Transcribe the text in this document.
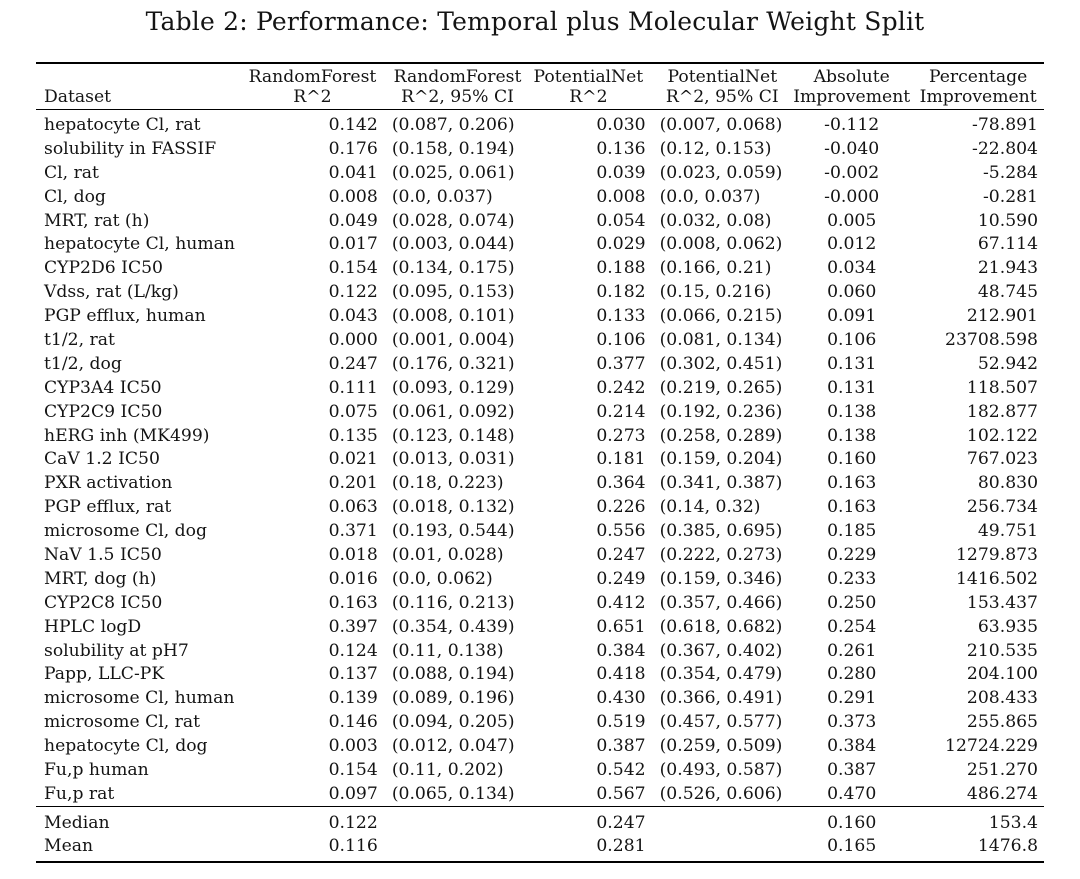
Table 2: Performance: Temporal plus Molecular Weight Split

	RandomForest	RandomForest	PotentialNet	PotentialNet	Absolute	Percentage
Dataset	R^2	R^2, 95% CI	R^2	R^2, 95% CI	Improvement	Improvement
hepatocyte Cl, rat	0.142	(0.087, 0.206)	0.030	(0.007, 0.068)	-0.112	-78.891
solubility in FASSIF	0.176	(0.158, 0.194)	0.136	(0.12, 0.153)	-0.040	-22.804
Cl, rat	0.041	(0.025, 0.061)	0.039	(0.023, 0.059)	-0.002	-5.284
Cl, dog	0.008	(0.0, 0.037)	0.008	(0.0, 0.037)	-0.000	-0.281
MRT, rat (h)	0.049	(0.028, 0.074)	0.054	(0.032, 0.08)	0.005	10.590
hepatocyte Cl, human	0.017	(0.003, 0.044)	0.029	(0.008, 0.062)	0.012	67.114
CYP2D6 IC50	0.154	(0.134, 0.175)	0.188	(0.166, 0.21)	0.034	21.943
Vdss, rat (L/kg)	0.122	(0.095, 0.153)	0.182	(0.15, 0.216)	0.060	48.745
PGP efflux, human	0.043	(0.008, 0.101)	0.133	(0.066, 0.215)	0.091	212.901
t1/2, rat	0.000	(0.001, 0.004)	0.106	(0.081, 0.134)	0.106	23708.598
t1/2, dog	0.247	(0.176, 0.321)	0.377	(0.302, 0.451)	0.131	52.942
CYP3A4 IC50	0.111	(0.093, 0.129)	0.242	(0.219, 0.265)	0.131	118.507
CYP2C9 IC50	0.075	(0.061, 0.092)	0.214	(0.192, 0.236)	0.138	182.877
hERG inh (MK499)	0.135	(0.123, 0.148)	0.273	(0.258, 0.289)	0.138	102.122
CaV 1.2 IC50	0.021	(0.013, 0.031)	0.181	(0.159, 0.204)	0.160	767.023
PXR activation	0.201	(0.18, 0.223)	0.364	(0.341, 0.387)	0.163	80.830
PGP efflux, rat	0.063	(0.018, 0.132)	0.226	(0.14, 0.32)	0.163	256.734
microsome Cl, dog	0.371	(0.193, 0.544)	0.556	(0.385, 0.695)	0.185	49.751
NaV 1.5 IC50	0.018	(0.01, 0.028)	0.247	(0.222, 0.273)	0.229	1279.873
MRT, dog (h)	0.016	(0.0, 0.062)	0.249	(0.159, 0.346)	0.233	1416.502
CYP2C8 IC50	0.163	(0.116, 0.213)	0.412	(0.357, 0.466)	0.250	153.437
HPLC logD	0.397	(0.354, 0.439)	0.651	(0.618, 0.682)	0.254	63.935
solubility at pH7	0.124	(0.11, 0.138)	0.384	(0.367, 0.402)	0.261	210.535
Papp, LLC-PK	0.137	(0.088, 0.194)	0.418	(0.354, 0.479)	0.280	204.100
microsome Cl, human	0.139	(0.089, 0.196)	0.430	(0.366, 0.491)	0.291	208.433
microsome Cl, rat	0.146	(0.094, 0.205)	0.519	(0.457, 0.577)	0.373	255.865
hepatocyte Cl, dog	0.003	(0.012, 0.047)	0.387	(0.259, 0.509)	0.384	12724.229
Fu,p human	0.154	(0.11, 0.202)	0.542	(0.493, 0.587)	0.387	251.270
Fu,p rat	0.097	(0.065, 0.134)	0.567	(0.526, 0.606)	0.470	486.274
Median	0.122		0.247		0.160	153.4
Mean	0.116		0.281		0.165	1476.8
